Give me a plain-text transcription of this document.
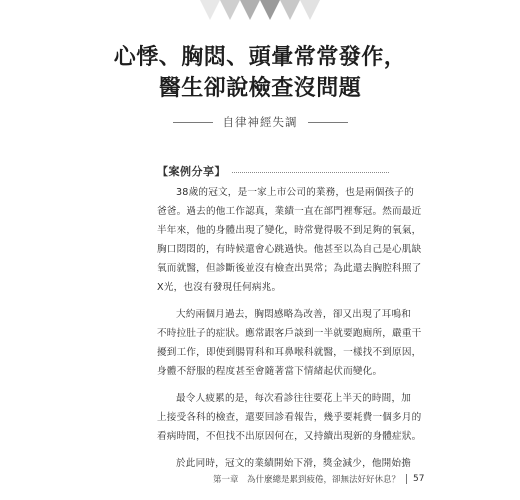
心悸、胸悶、頭暈常常發作，
醫生卻說檢查沒問題
自律神經失調
【案例分享】
38歲的冠文，是一家上市公司的業務，也是兩個孩子的
爸爸。過去的他工作認真，業績一直在部門裡奪冠。然而最近
半年來，他的身體出現了變化，時常覺得吸不到足夠的氧氣，
胸口悶悶的，有時候還會心跳過快。他甚至以為自己是心肌缺
氧而就醫，但診斷後並沒有檢查出異常；為此還去胸腔科照了
X光，也沒有發現任何病兆。
大約兩個月過去，胸悶感略為改善，卻又出現了耳鳴和
不時拉肚子的症狀。應常跟客戶談到一半就要跑廁所，嚴重干
擾到工作，即使到腸胃科和耳鼻喉科就醫，一樣找不到原因，
身體不舒服的程度甚至會隨著當下情緒起伏而變化。
最令人疲累的是，每次看診往往要花上半天的時間，加
上接受各科的檢查，還要回診看報告，幾乎要耗費一個多月的
看病時間，不但找不出原因何在，又持續出現新的身體症狀。
於此同時，冠文的業績開始下滑，獎金減少，他開始擔
第一章　為什麼總是累到疲倦，卻無法好好休息？ 57
